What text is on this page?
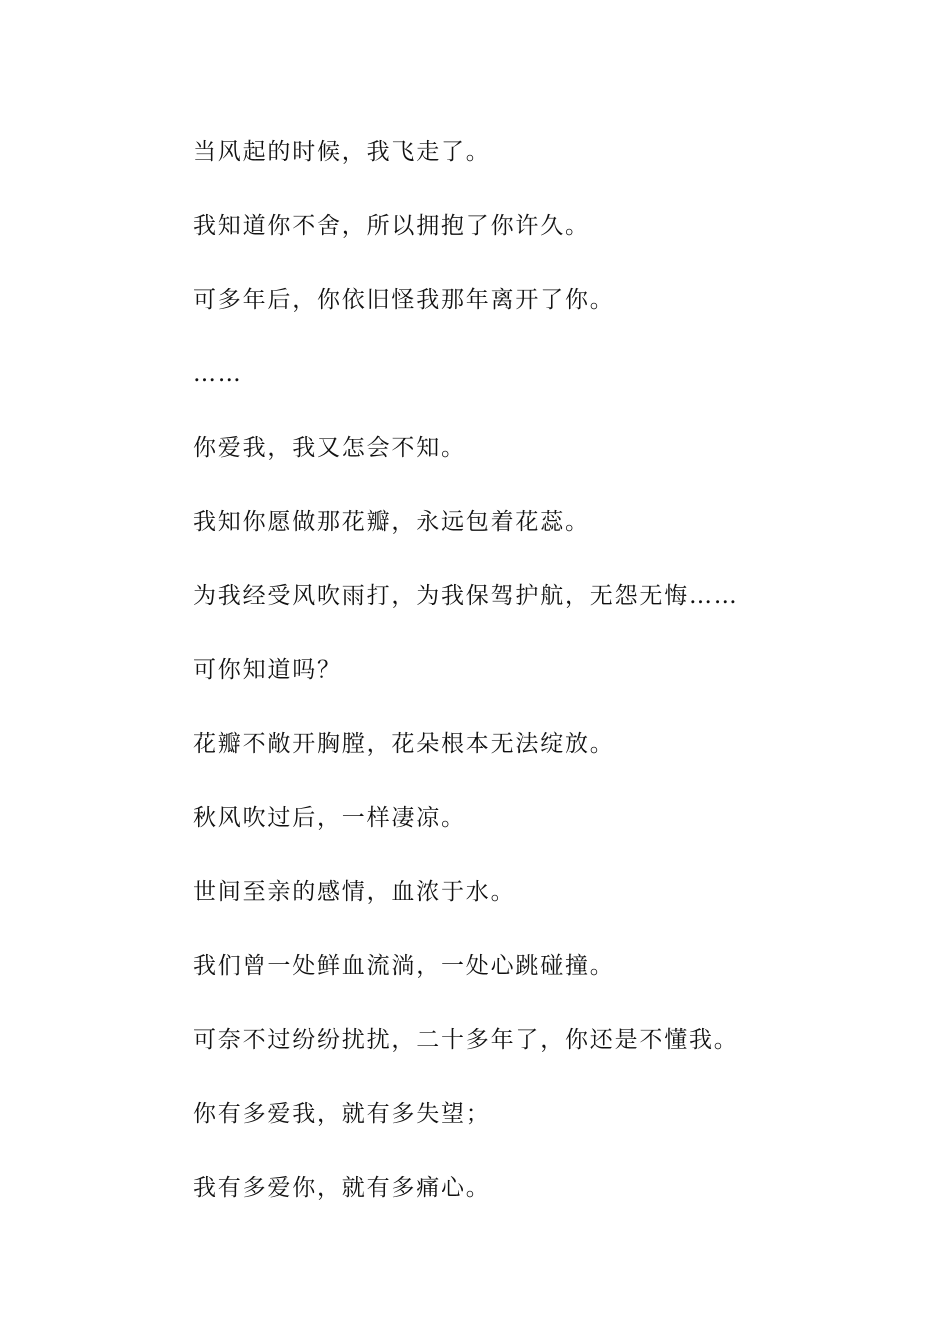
当风起的时候，我飞走了。

我知道你不舍，所以拥抱了你许久。

可多年后，你依旧怪我那年离开了你。

……

你爱我，我又怎会不知。

我知你愿做那花瓣，永远包着花蕊。

为我经受风吹雨打，为我保驾护航，无怨无悔……

可你知道吗？

花瓣不敞开胸膛，花朵根本无法绽放。

秋风吹过后，一样凄凉。

世间至亲的感情，血浓于水。

我们曾一处鲜血流淌，一处心跳碰撞。

可奈不过纷纷扰扰，二十多年了，你还是不懂我。

你有多爱我，就有多失望；

我有多爱你，就有多痛心。
